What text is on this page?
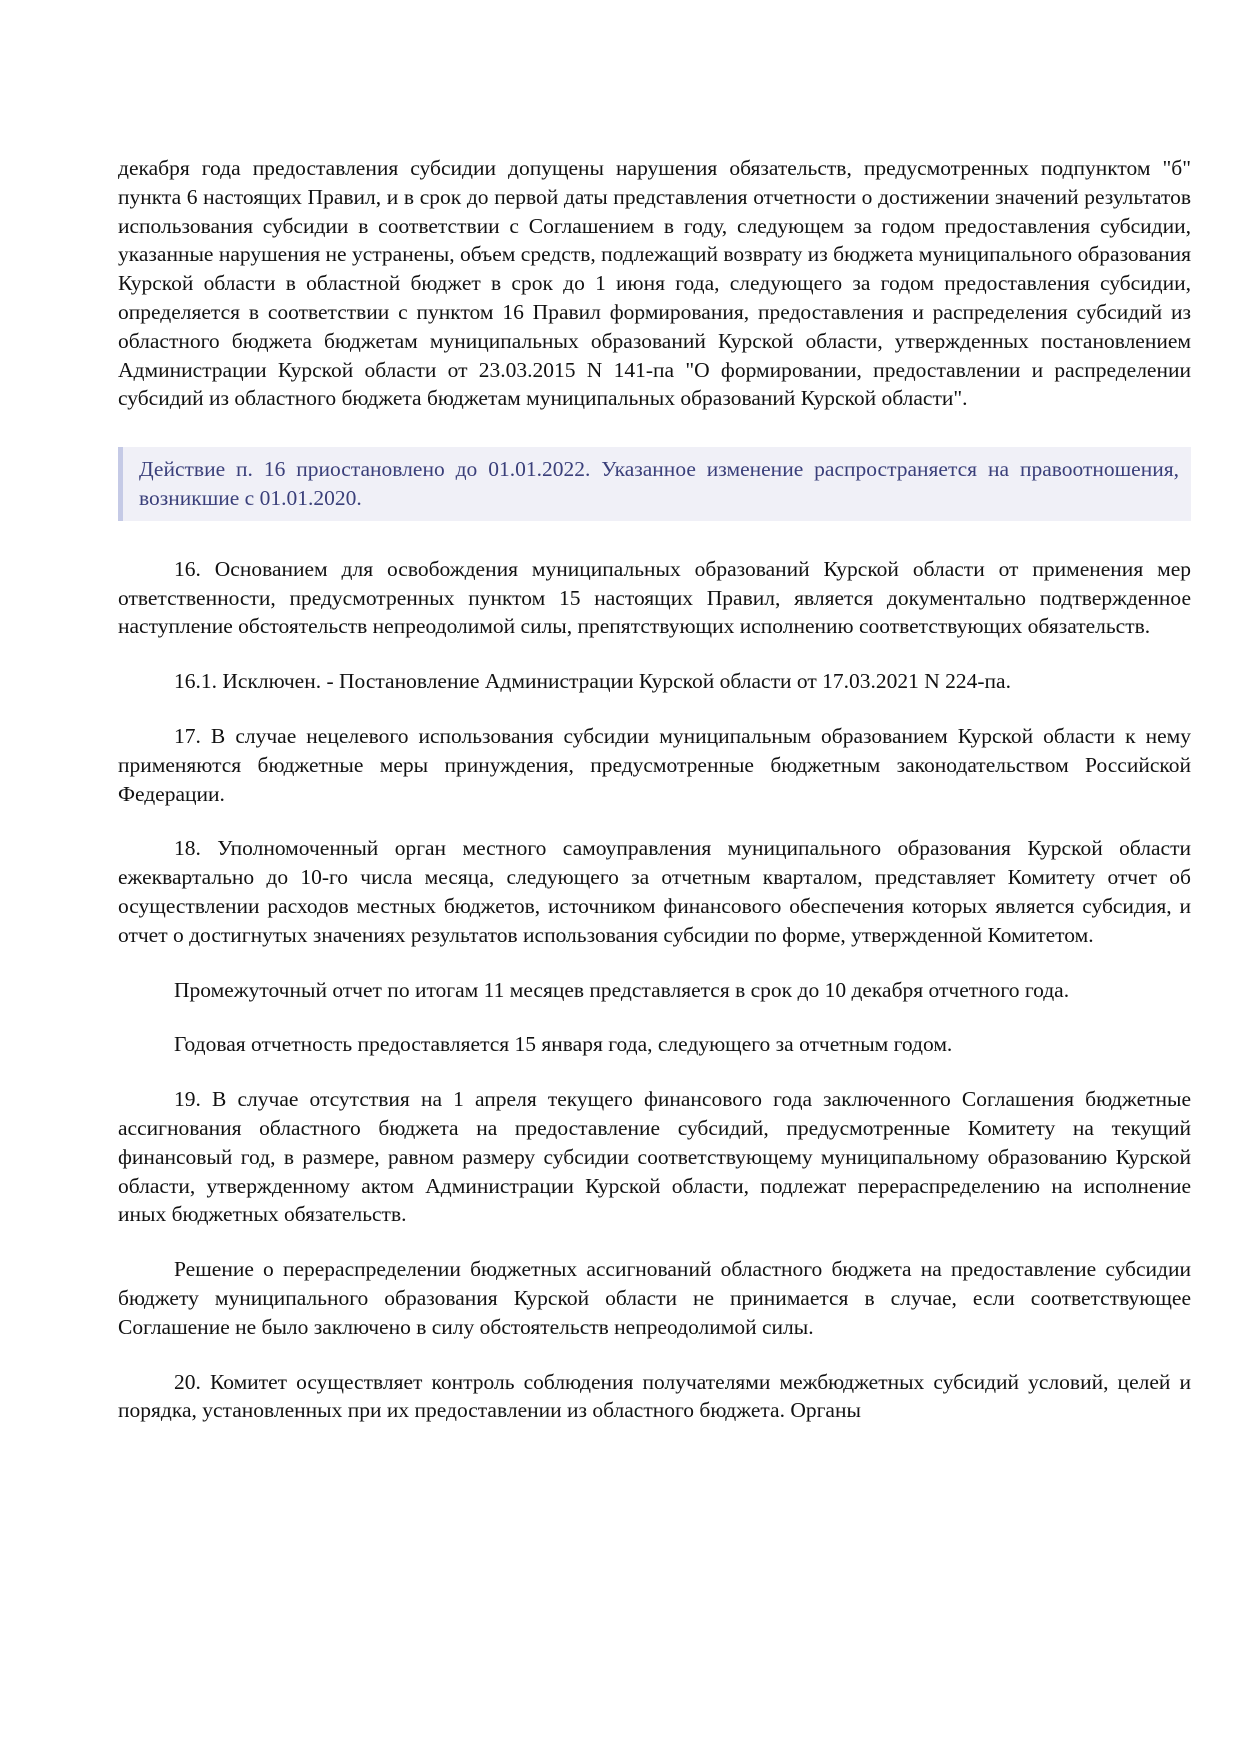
декабря года предоставления субсидии допущены нарушения обязательств, предусмотренных подпунктом "б" пункта 6 настоящих Правил, и в срок до первой даты представления отчетности о достижении значений результатов использования субсидии в соответствии с Соглашением в году, следующем за годом предоставления субсидии, указанные нарушения не устранены, объем средств, подлежащий возврату из бюджета муниципального образования Курской области в областной бюджет в срок до 1 июня года, следующего за годом предоставления субсидии, определяется в соответствии с пунктом 16 Правил формирования, предоставления и распределения субсидий из областного бюджета бюджетам муниципальных образований Курской области, утвержденных постановлением Администрации Курской области от 23.03.2015 N 141-па "О формировании, предоставлении и распределении субсидий из областного бюджета бюджетам муниципальных образований Курской области".

Действие п. 16 приостановлено до 01.01.2022. Указанное изменение распространяется на правоотношения, возникшие с 01.01.2020.

16. Основанием для освобождения муниципальных образований Курской области от применения мер ответственности, предусмотренных пунктом 15 настоящих Правил, является документально подтвержденное наступление обстоятельств непреодолимой силы, препятствующих исполнению соответствующих обязательств.

16.1. Исключен. - Постановление Администрации Курской области от 17.03.2021 N 224-па.

17. В случае нецелевого использования субсидии муниципальным образованием Курской области к нему применяются бюджетные меры принуждения, предусмотренные бюджетным законодательством Российской Федерации.

18. Уполномоченный орган местного самоуправления муниципального образования Курской области ежеквартально до 10-го числа месяца, следующего за отчетным кварталом, представляет Комитету отчет об осуществлении расходов местных бюджетов, источником финансового обеспечения которых является субсидия, и отчет о достигнутых значениях результатов использования субсидии по форме, утвержденной Комитетом.

Промежуточный отчет по итогам 11 месяцев представляется в срок до 10 декабря отчетного года.

Годовая отчетность предоставляется 15 января года, следующего за отчетным годом.

19. В случае отсутствия на 1 апреля текущего финансового года заключенного Соглашения бюджетные ассигнования областного бюджета на предоставление субсидий, предусмотренные Комитету на текущий финансовый год, в размере, равном размеру субсидии соответствующему муниципальному образованию Курской области, утвержденному актом Администрации Курской области, подлежат перераспределению на исполнение иных бюджетных обязательств.

Решение о перераспределении бюджетных ассигнований областного бюджета на предоставление субсидии бюджету муниципального образования Курской области не принимается в случае, если соответствующее Соглашение не было заключено в силу обстоятельств непреодолимой силы.

20. Комитет осуществляет контроль соблюдения получателями межбюджетных субсидий условий, целей и порядка, установленных при их предоставлении из областного бюджета. Органы
